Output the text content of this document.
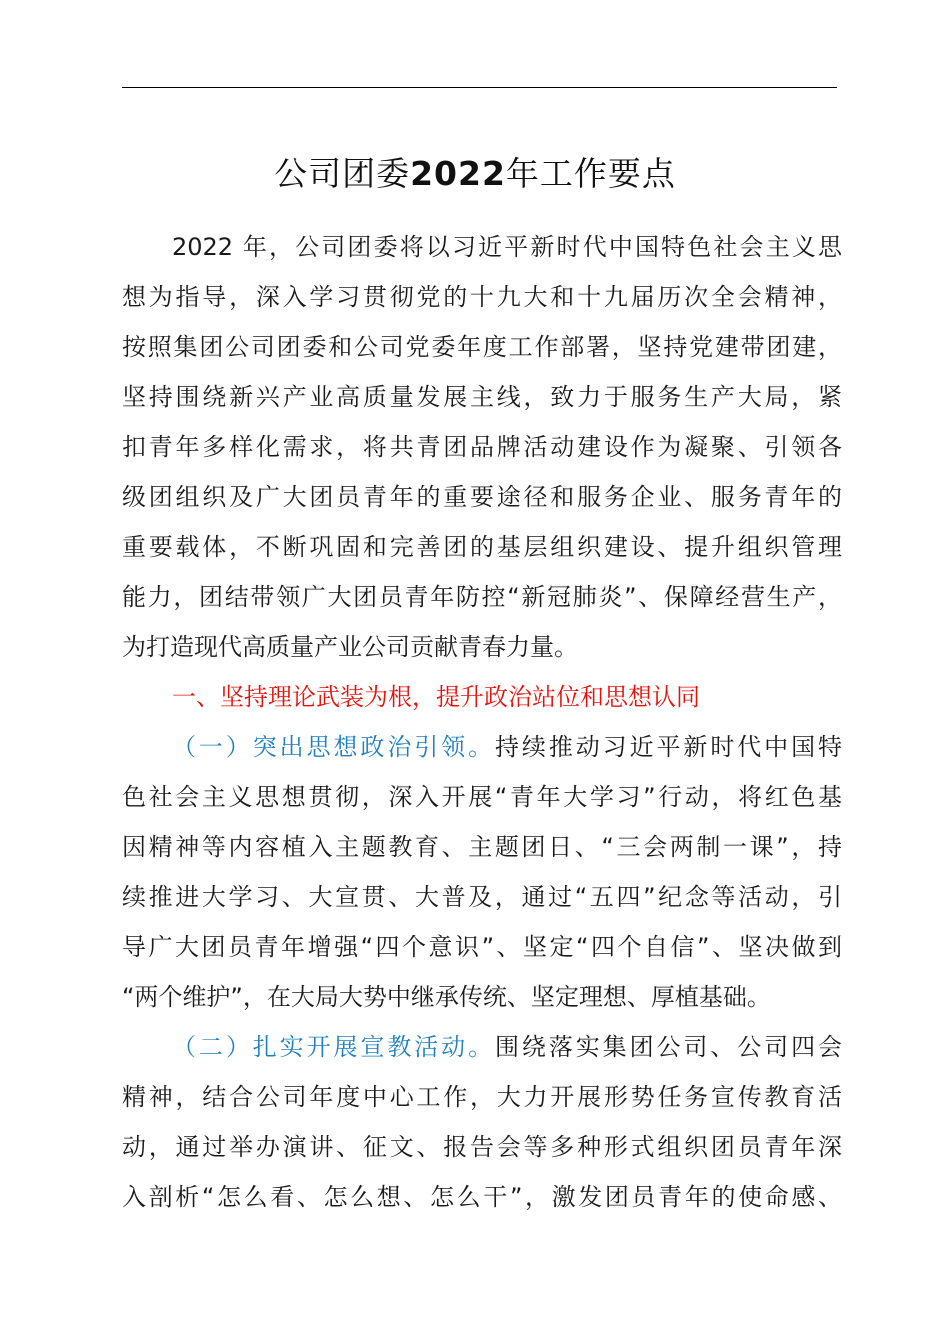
公司团委2022年工作要点
2022 年，公司团委将以习近平新时代中国特色社会主义思
想为指导，深入学习贯彻党的十九大和十九届历次全会精神，
按照集团公司团委和公司党委年度工作部署，坚持党建带团建，
坚持围绕新兴产业高质量发展主线，致力于服务生产大局，紧
扣青年多样化需求，将共青团品牌活动建设作为凝聚、引领各
级团组织及广大团员青年的重要途径和服务企业、服务青年的
重要载体，不断巩固和完善团的基层组织建设、提升组织管理
能力，团结带领广大团员青年防控“新冠肺炎”、保障经营生产，
为打造现代高质量产业公司贡献青春力量。
一、坚持理论武装为根，提升政治站位和思想认同
（一）突出思想政治引领。持续推动习近平新时代中国特
色社会主义思想贯彻，深入开展“青年大学习”行动，将红色基
因精神等内容植入主题教育、主题团日、“三会两制一课”，持
续推进大学习、大宣贯、大普及，通过“五四”纪念等活动，引
导广大团员青年增强“四个意识”、坚定“四个自信”、坚决做到
“两个维护”，在大局大势中继承传统、坚定理想、厚植基础。
（二）扎实开展宣教活动。围绕落实集团公司、公司四会
精神，结合公司年度中心工作，大力开展形势任务宣传教育活
动，通过举办演讲、征文、报告会等多种形式组织团员青年深
入剖析“怎么看、怎么想、怎么干”，激发团员青年的使命感、
